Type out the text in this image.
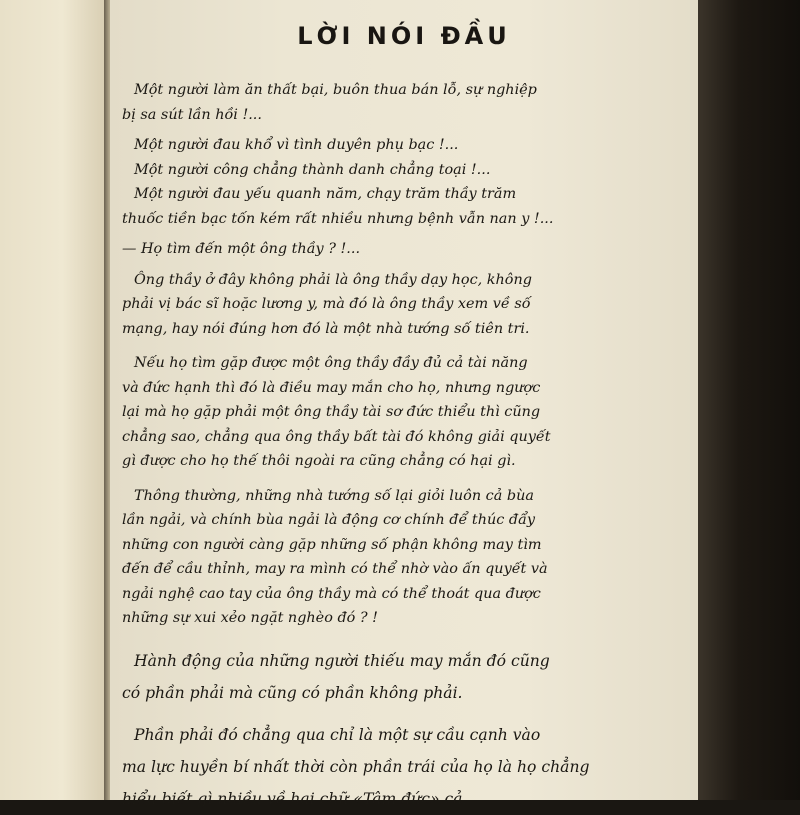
LỜI NÓI ĐẦU

Một người làm ăn thất bại, buôn thua bán lỗ, sự nghiệp

bị sa sút lần hồi !...

Một người đau khổ vì tình duyên phụ bạc !...

Một người công chẳng thành danh chẳng toại !...

Một người đau yếu quanh năm, chạy trăm thầy trăm

thuốc tiền bạc tốn kém rất nhiều nhưng bệnh vẫn nan y !...

— Họ tìm đến một ông thầy ? !...

Ông thầy ở đây không phải là ông thầy dạy học, không

phải vị bác sĩ hoặc lương y, mà đó là ông thầy xem về số

mạng, hay nói đúng hơn đó là một nhà tướng số tiên tri.

Nếu họ tìm gặp được một ông thầy đầy đủ cả tài năng

và đức hạnh thì đó là điều may mắn cho họ, nhưng ngược

lại mà họ gặp phải một ông thầy tài sơ đức thiểu thì cũng

chẳng sao, chẳng qua ông thầy bất tài đó không giải quyết

gì được cho họ thế thôi ngoài ra cũng chẳng có hại gì.

Thông thường, những nhà tướng số lại giỏi luôn cả bùa

lần ngải, và chính bùa ngải là động cơ chính để thúc đẩy

những con người càng gặp những số phận không may tìm

đến để cầu thỉnh, may ra mình có thể nhờ vào ấn quyết và

ngải nghệ cao tay của ông thầy mà có thể thoát qua được

những sự xui xẻo ngặt nghèo đó ? !

Hành động của những người thiếu may mắn đó cũng

có phần phải mà cũng có phần không phải.

Phần phải đó chẳng qua chỉ là một sự cầu cạnh vào

ma lực huyền bí nhất thời còn phần trái của họ là họ chẳng

hiểu biết gì nhiều về hai chữ «Tâm đức» cả.
